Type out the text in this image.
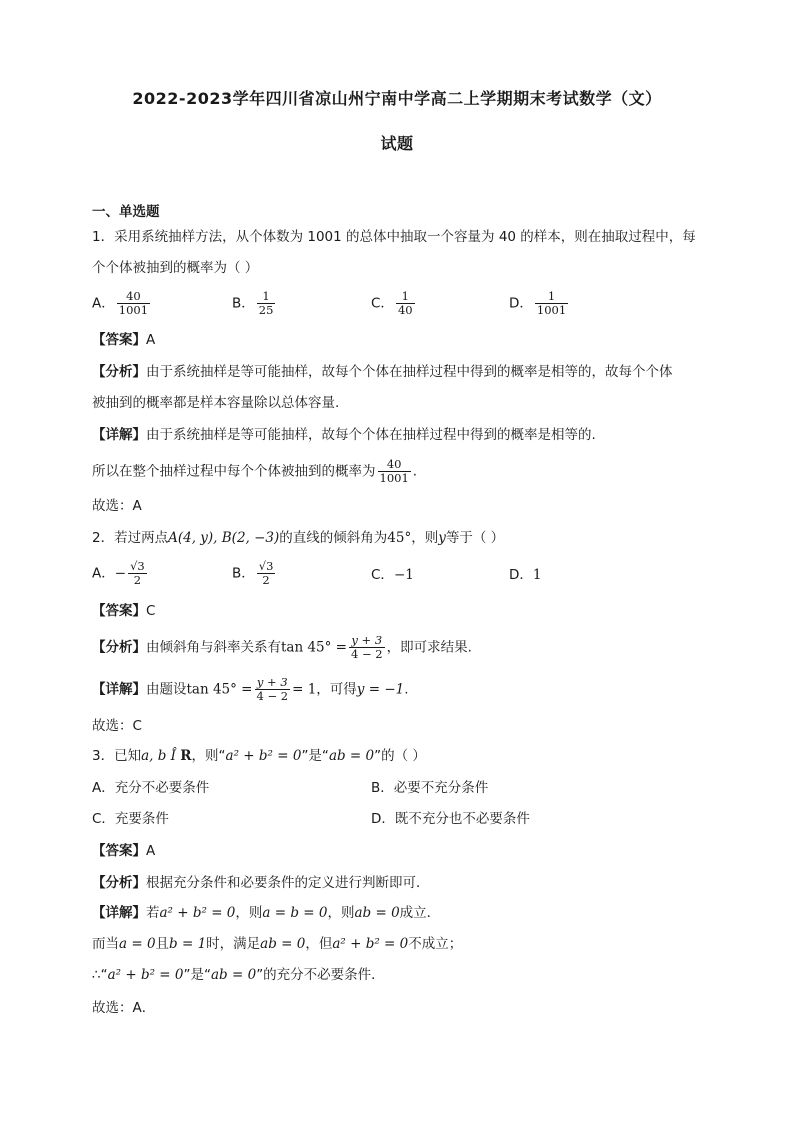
2022-2023学年四川省凉山州宁南中学高二上学期期末考试数学（文）
试题
一、单选题
1．采用系统抽样方法，从个体数为 1001 的总体中抽取一个容量为 40 的样本，则在抽取过程中，每
个个体被抽到的概率为（ ）
A． $\frac{40}{1001}$	B． $\frac{1}{25}$	C． $\frac{1}{40}$	D． $\frac{1}{1001}$
【答案】A
【分析】由于系统抽样是等可能抽样，故每个个体在抽样过程中得到的概率是相等的，故每个个体
被抽到的概率都是样本容量除以总体容量.
【详解】由于系统抽样是等可能抽样，故每个个体在抽样过程中得到的概率是相等的.
所以在整个抽样过程中每个个体被抽到的概率为 $\frac{40}{1001}$ .
故选：A
2．若过两点A(4, y), B(2, −3)的直线的倾斜角为45°，则y等于（ ）
A．− $\frac{√3}{2}$	B． $\frac{√3}{2}$	C．−1	D．1
【答案】C
【分析】由倾斜角与斜率关系有$\tan 45^\circ = \frac{y + 3}{4 - 2}$ ，即可求结果.
【详解】由题设$\tan 45^\circ = \frac{y + 3}{4 - 2} = 1$，可得y = −1.
故选：C
3．已知a, b Î R，则“a² + b² = 0”是“ab = 0”的（ ）
A．充分不必要条件	B．必要不充分条件
C．充要条件	D．既不充分也不必要条件
【答案】A
【分析】根据充分条件和必要条件的定义进行判断即可．
【详解】若a² + b² = 0，则a = b = 0，则ab = 0成立．
而当a = 0且b = 1时，满足ab = 0，但a² + b² = 0不成立；
∴“a² + b² = 0”是“ab = 0”的充分不必要条件．
故选：A．
